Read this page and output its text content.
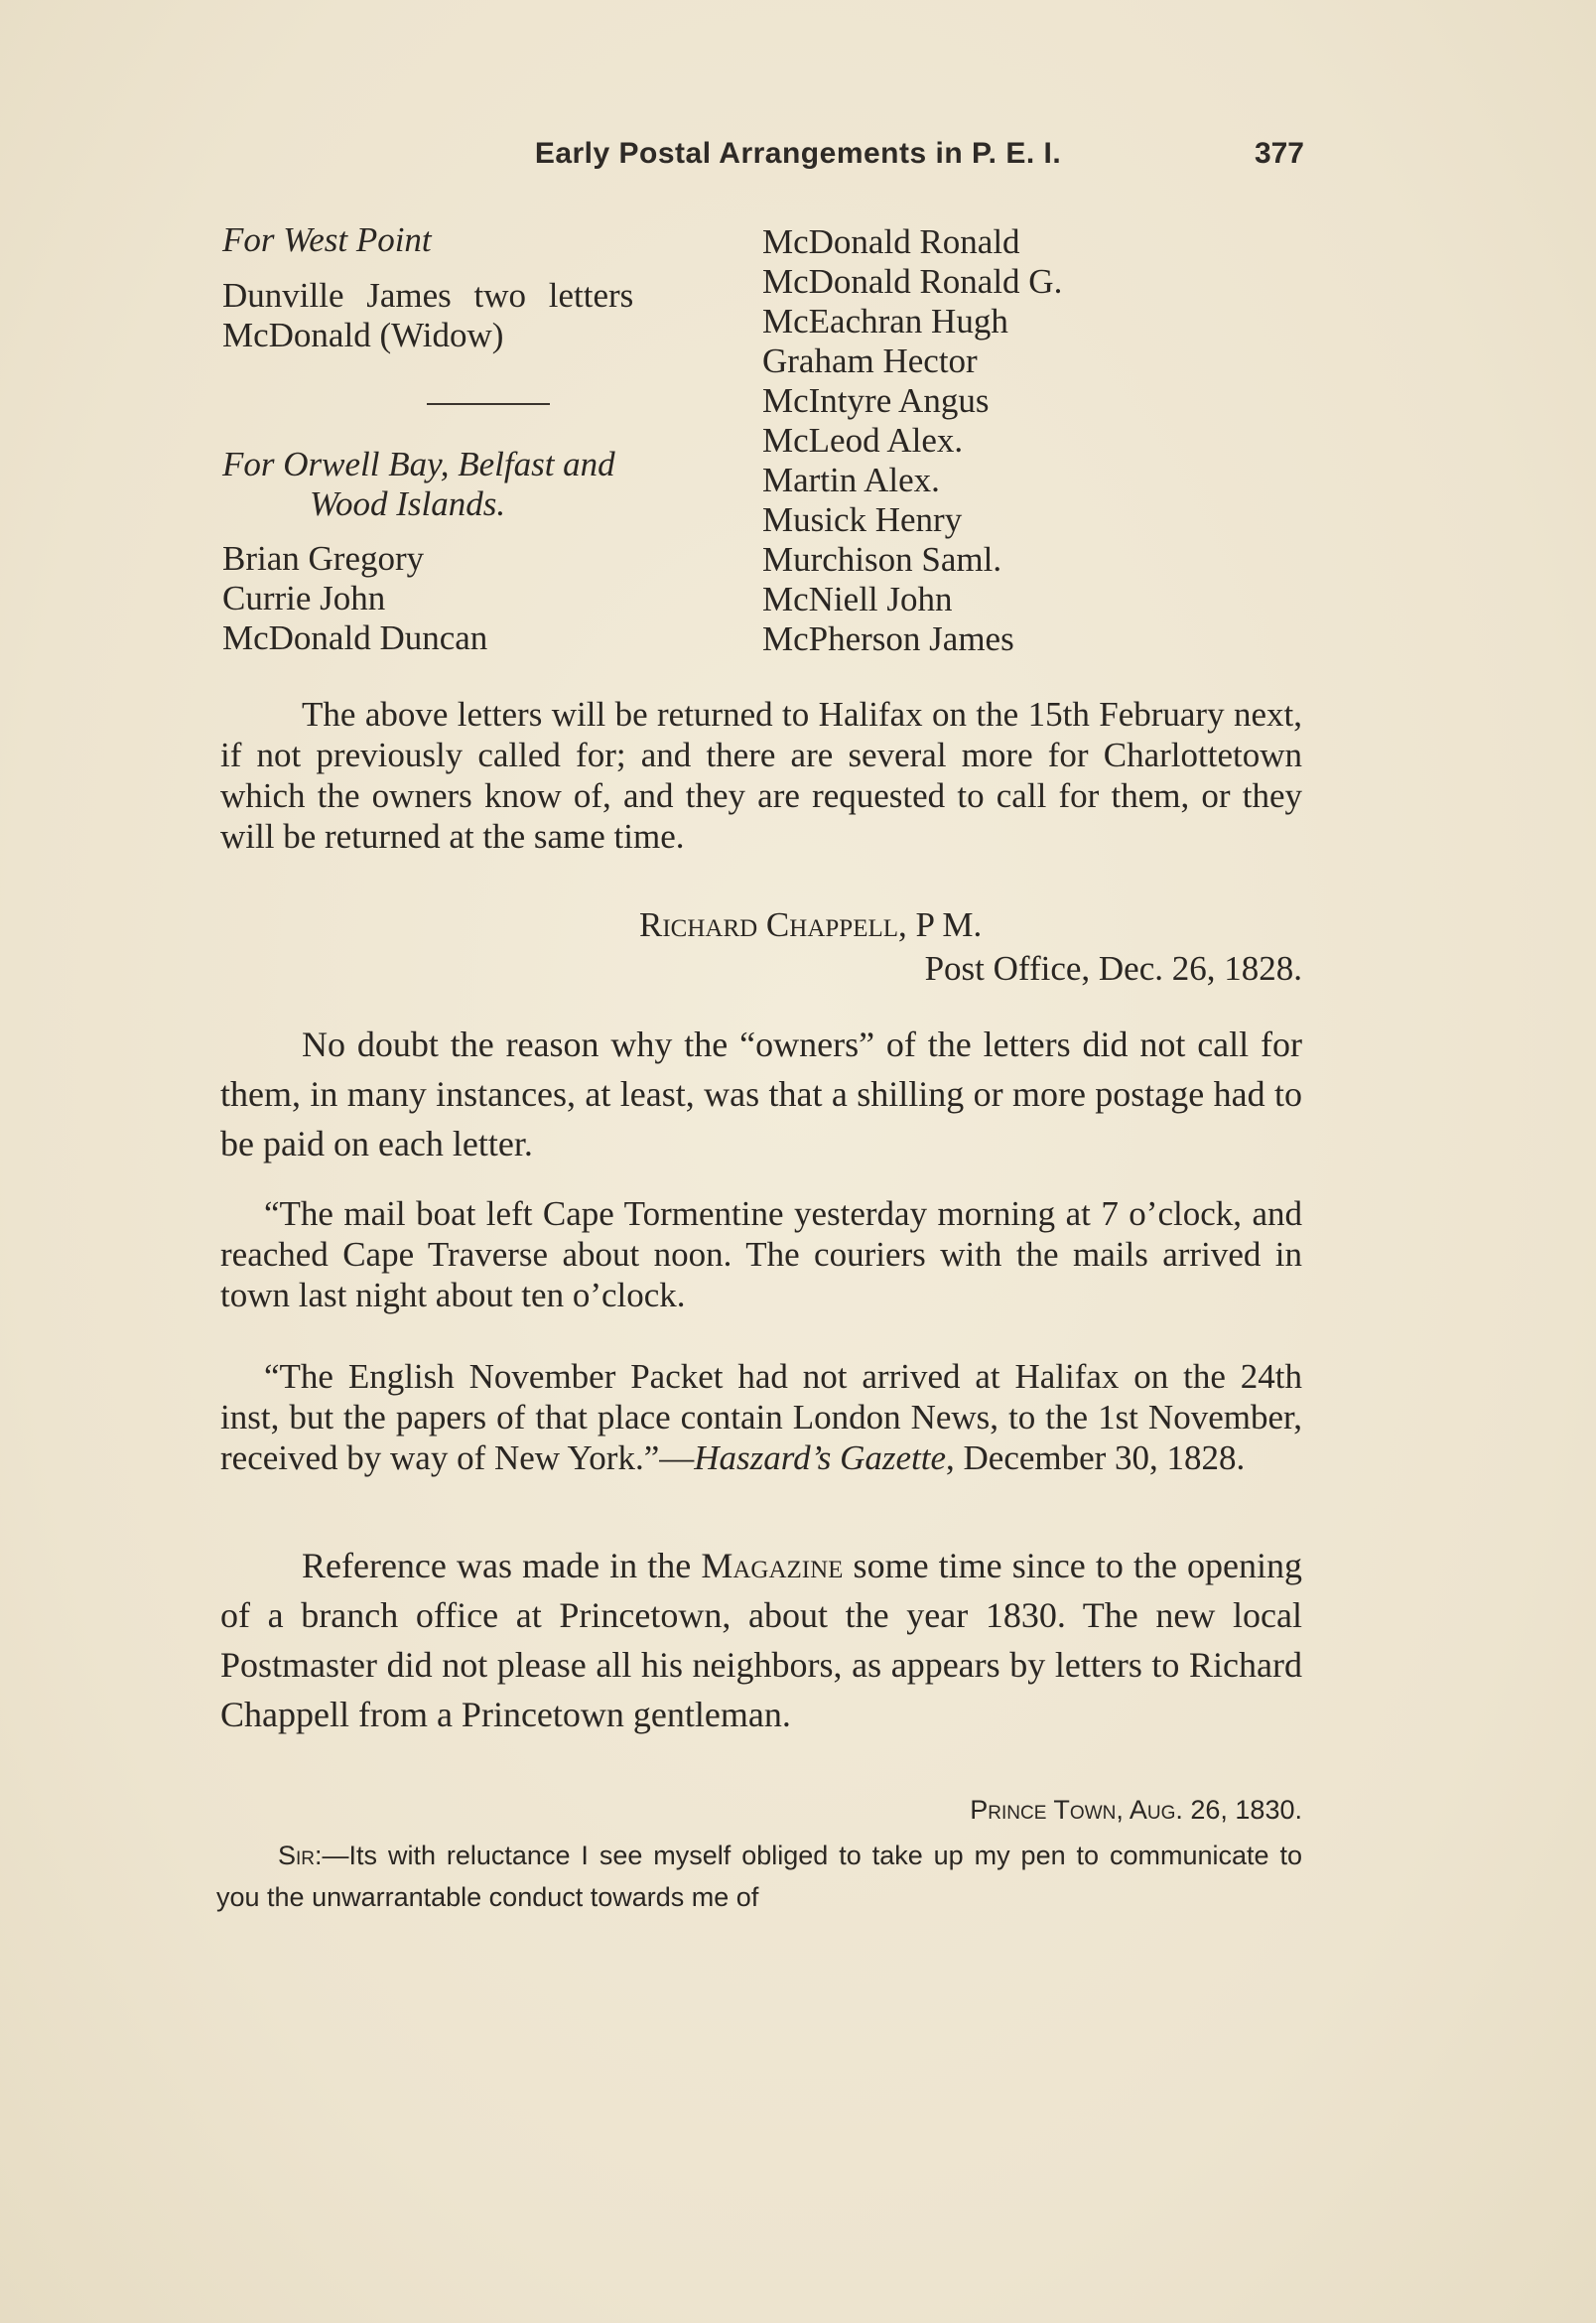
Early Postal Arrangements in P. E. I.	377
For West Point
Dunville James two letters
McDonald (Widow)
For Orwell Bay, Belfast and
Wood Islands.
Brian Gregory
Currie John
McDonald Duncan
McDonald Ronald
McDonald Ronald G.
McEachran Hugh
Graham Hector
McIntyre Angus
McLeod Alex.
Martin Alex.
Musick Henry
Murchison Saml.
McNiell John
McPherson James

The above letters will be returned to Halifax on the 15th February next, if not previously called for; and there are several more for Charlottetown which the owners know of, and they are requested to call for them, or they will be returned at the same time.

Richard Chappell, P M.
Post Office, Dec. 26, 1828.

No doubt the reason why the “owners” of the letters did not call for them, in many instances, at least, was that a shilling or more postage had to be paid on each letter.

“The mail boat left Cape Tormentine yesterday morning at 7 o’clock, and reached Cape Traverse about noon. The couriers with the mails arrived in town last night about ten o’clock.

“The English November Packet had not arrived at Halifax on the 24th inst, but the papers of that place contain London News, to the 1st November, received by way of New York.”—Haszard’s Gazette, December 30, 1828.

Reference was made in the Magazine some time since to the opening of a branch office at Princetown, about the year 1830. The new local Postmaster did not please all his neighbors, as appears by letters to Richard Chappell from a Princetown gentleman.

Prince Town, Aug. 26, 1830.

Sir:—Its with reluctance I see myself obliged to take up my pen to communicate to you the unwarrantable conduct towards me of
